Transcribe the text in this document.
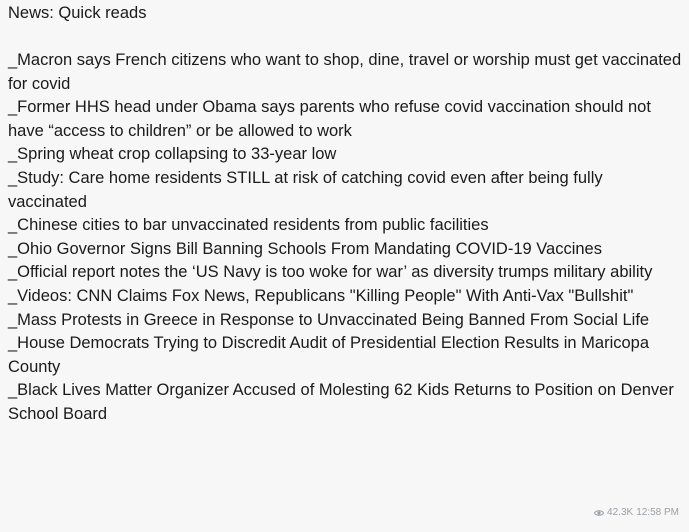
News: Quick reads

_Macron says French citizens who want to shop, dine, travel or worship must get vaccinated for covid
_Former HHS head under Obama says parents who refuse covid vaccination should not have “access to children” or be allowed to work
_Spring wheat crop collapsing to 33-year low
_Study: Care home residents STILL at risk of catching covid even after being fully vaccinated
_Chinese cities to bar unvaccinated residents from public facilities
_Ohio Governor Signs Bill Banning Schools From Mandating COVID-19 Vaccines
_Official report notes the ‘US Navy is too woke for war’ as diversity trumps military ability
_Videos: CNN Claims Fox News, Republicans "Killing People" With Anti-Vax "Bullshit"
_Mass Protests in Greece in Response to Unvaccinated Being Banned From Social Life
_House Democrats Trying to Discredit Audit of Presidential Election Results in Maricopa County
_Black Lives Matter Organizer Accused of Molesting 62 Kids Returns to Position on Denver School Board
42.3K 12:58 PM
